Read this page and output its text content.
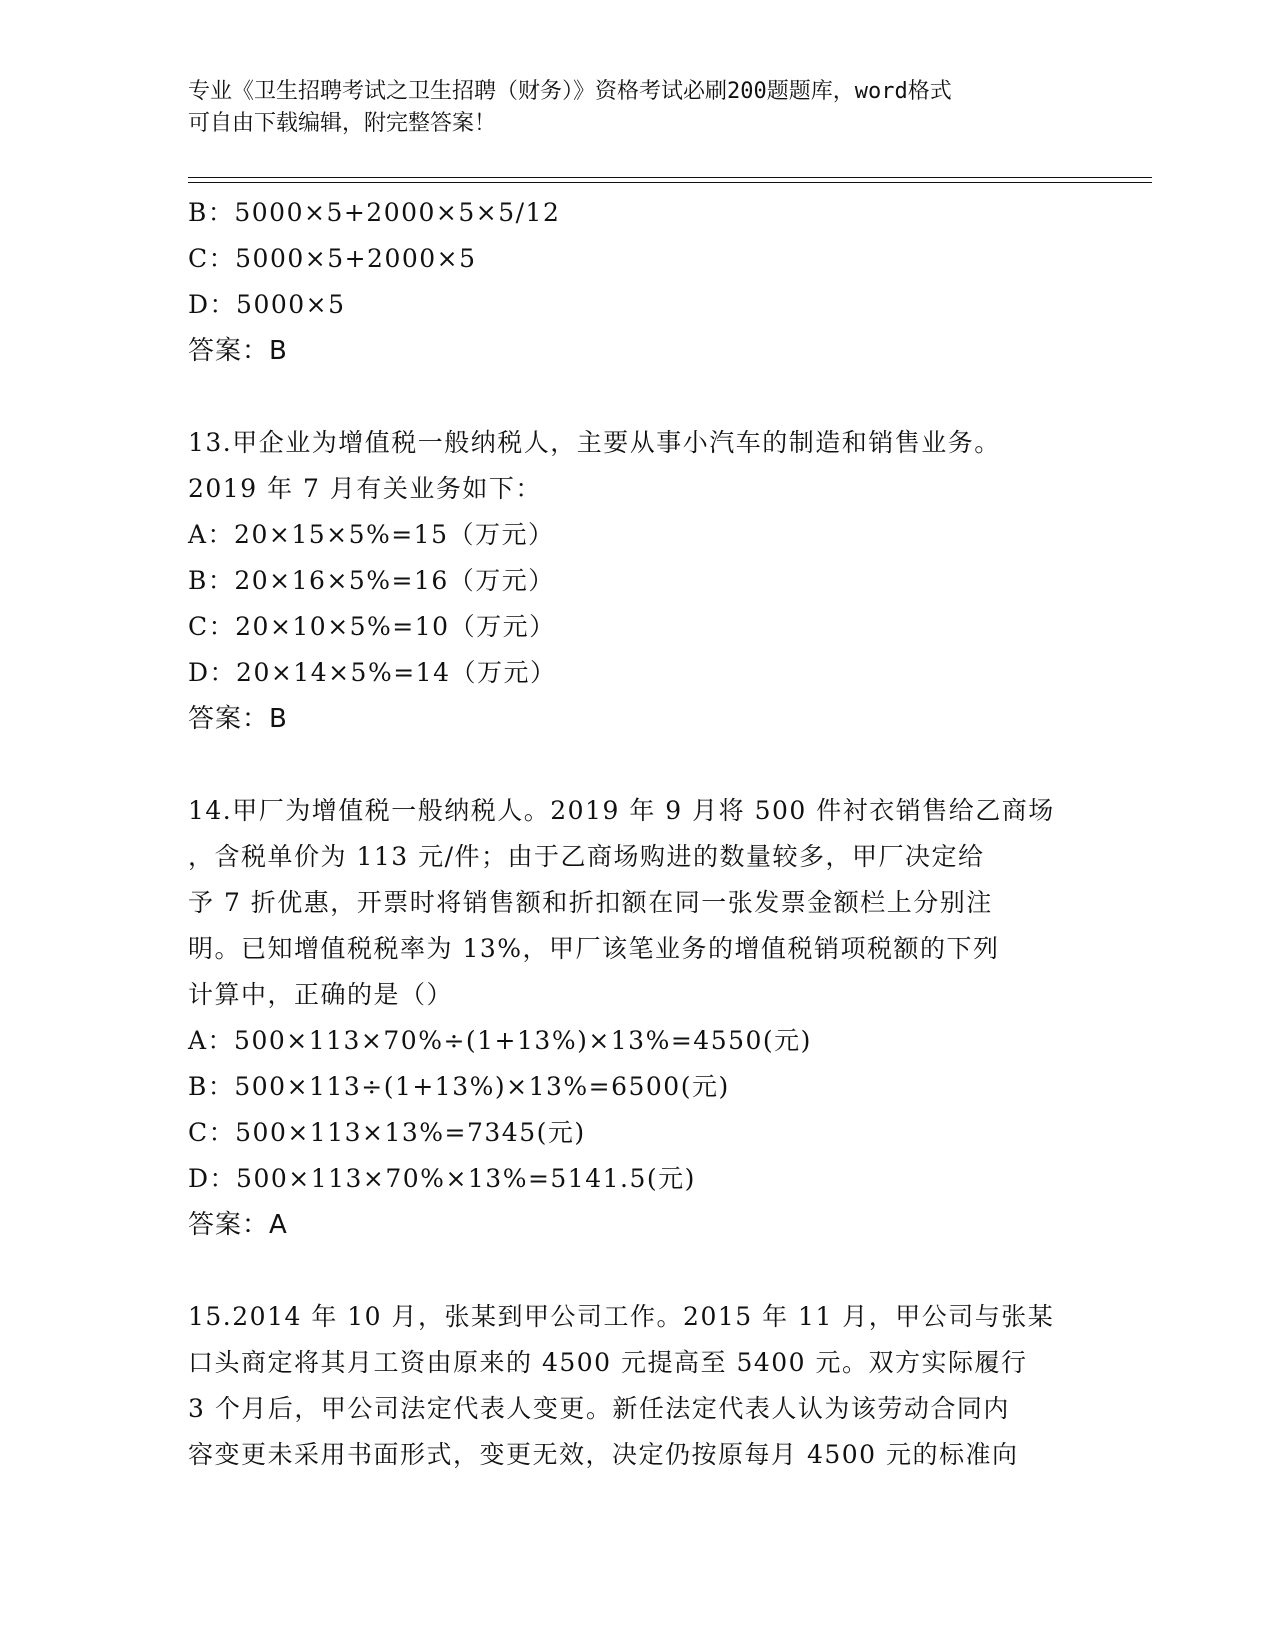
专业《卫生招聘考试之卫生招聘（财务）》资格考试必刷200题题库，word格式
可自由下载编辑，附完整答案！
B：5000×5+2000×5×5/12
C：5000×5+2000×5
D：5000×5
答案：B
13.甲企业为增值税一般纳税人，主要从事小汽车的制造和销售业务。
2019 年 7 月有关业务如下：
A：20×15×5%=15（万元）
B：20×16×5%=16（万元）
C：20×10×5%=10（万元）
D：20×14×5%=14（万元）
答案：B
14.甲厂为增值税一般纳税人。2019 年 9 月将 500 件衬衣销售给乙商场
，含税单价为 113 元/件；由于乙商场购进的数量较多，甲厂决定给
予 7 折优惠，开票时将销售额和折扣额在同一张发票金额栏上分别注
明。已知增值税税率为 13%，甲厂该笔业务的增值税销项税额的下列
计算中，正确的是（）
A：500×113×70%÷(1+13%)×13%=4550(元)
B：500×113÷(1+13%)×13%=6500(元)
C：500×113×13%=7345(元)
D：500×113×70%×13%=5141.5(元)
答案：A
15.2014 年 10 月，张某到甲公司工作。2015 年 11 月，甲公司与张某
口头商定将其月工资由原来的 4500 元提高至 5400 元。双方实际履行
3 个月后，甲公司法定代表人变更。新任法定代表人认为该劳动合同内
容变更未采用书面形式，变更无效，决定仍按原每月 4500 元的标准向
